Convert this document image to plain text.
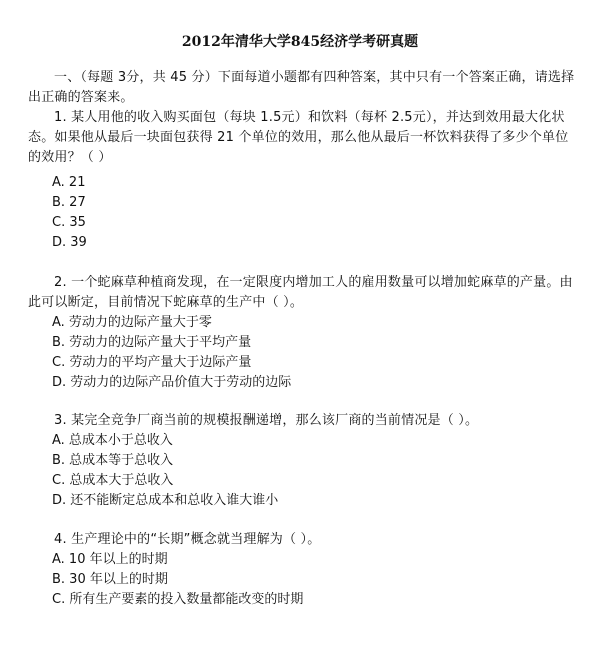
2012年清华大学845经济学考研真题
一、（每题 3分，共 45 分）下面每道小题都有四种答案，其中只有一个答案正确，请选择出正确的答案来。
1. 某人用他的收入购买面包（每块 1.5元）和饮料（每杯 2.5元），并达到效用最大化状态。如果他从最后一块面包获得 21 个单位的效用，那么他从最后一杯饮料获得了多少个单位的效用？（ ）
A. 21
B. 27
C. 35
D. 39
2. 一个蛇麻草种植商发现，在一定限度内增加工人的雇用数量可以增加蛇麻草的产量。由此可以断定，目前情况下蛇麻草的生产中（ ）。
A. 劳动力的边际产量大于零
B. 劳动力的边际产量大于平均产量
C. 劳动力的平均产量大于边际产量
D. 劳动力的边际产品价值大于劳动的边际
3. 某完全竞争厂商当前的规模报酬递增，那么该厂商的当前情况是（ ）。
A. 总成本小于总收入
B. 总成本等于总收入
C. 总成本大于总收入
D. 还不能断定总成本和总收入谁大谁小
4. 生产理论中的“长期”概念就当理解为（ ）。
A. 10 年以上的时期
B. 30 年以上的时期
C. 所有生产要素的投入数量都能改变的时期
